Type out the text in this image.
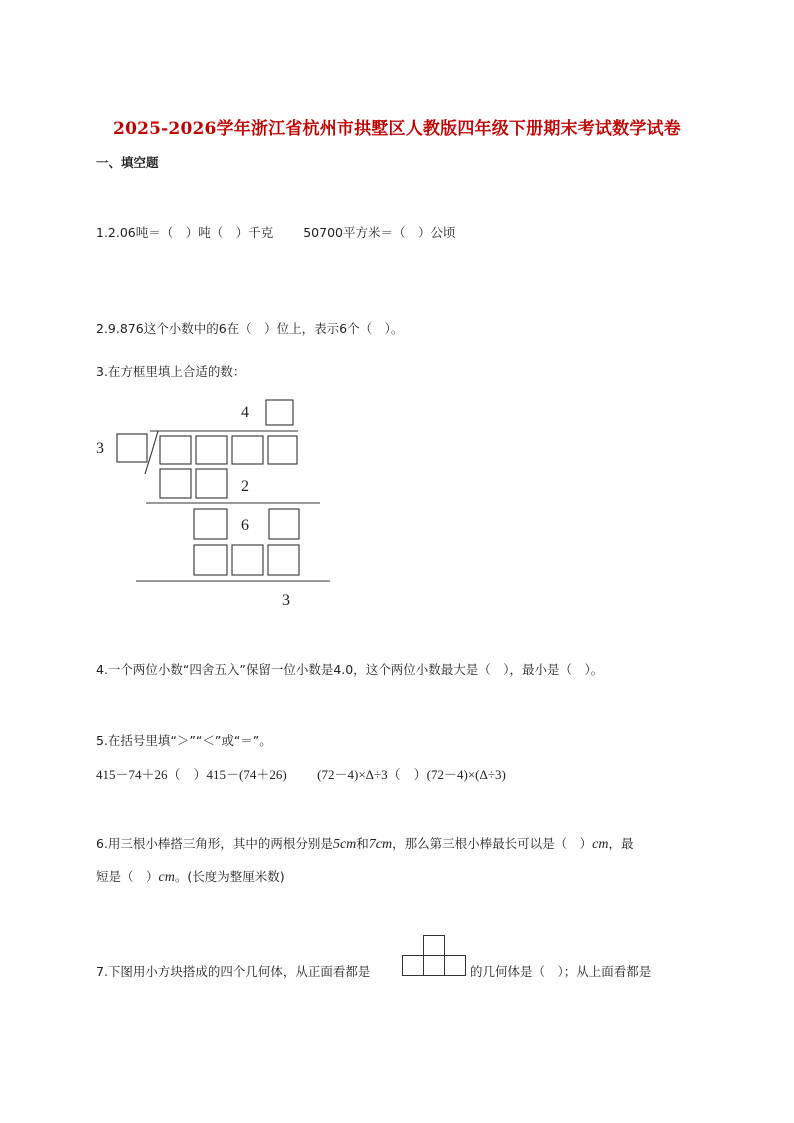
2025-2026学年浙江省杭州市拱墅区人教版四年级下册期末考试数学试卷
一、填空题
1.2.06吨＝（　）吨（　）千克 50700平方米＝（　）公顷
2.9.876这个小数中的6在（　）位上，表示6个（　）。
3.在方框里填上合适的数：
4
3
2
6
3
4.一个两位小数“四舍五入”保留一位小数是4.0，这个两位小数最大是（　），最小是（　）。
5.在括号里填“＞”“＜”或“＝”。
415－74＋26（　）415－(74＋26) (72－4)×Δ÷3（　）(72－4)×(Δ÷3)
6.用三根小棒搭三角形，其中的两根分别是5cm和7cm，那么第三根小棒最长可以是（　）cm，最
短是（　）cm。(长度为整厘米数)
7.下图用小方块搭成的四个几何体，从正面看都是	的几何体是（　）；从上面看都是
